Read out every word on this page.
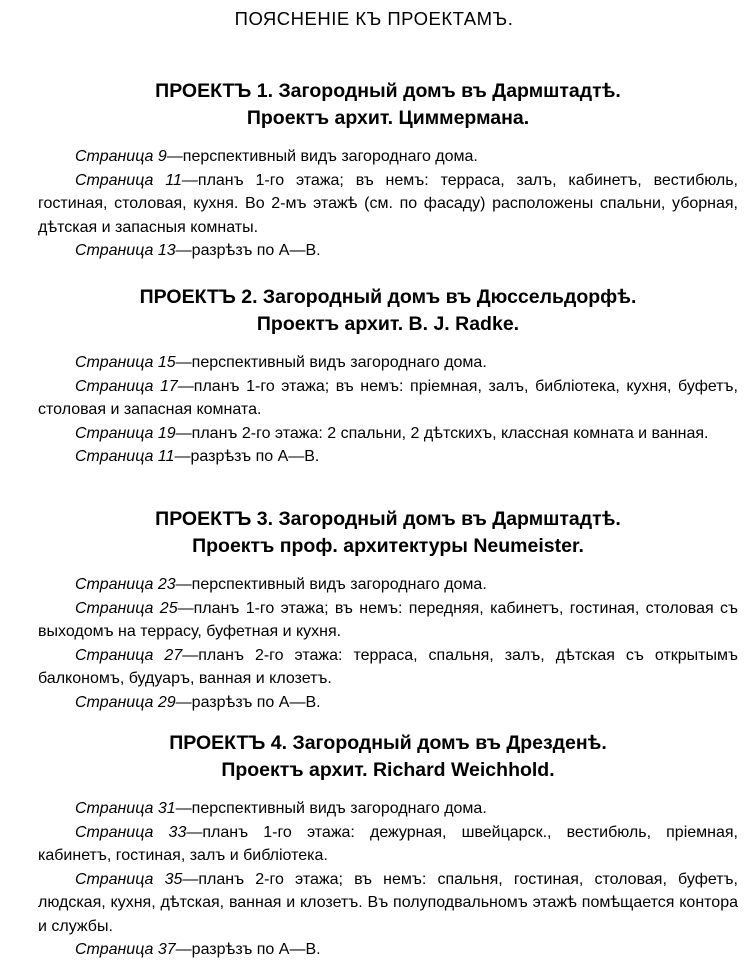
ПОЯСНЕНІЕ КЪ ПРОЕКТАМЪ.

ПРОЕКТЪ 1. Загородный домъ въ Дармштадтѣ.

Проектъ архит. Циммермана.

Страница 9—перспективный видъ загороднаго дома.

Страница 11—планъ 1-го этажа; въ немъ: терраса, залъ, кабинетъ, вестибюль, гостиная, столовая, кухня. Во 2-мъ этажѣ (см. по фасаду) расположены спальни, уборная, дѣтская и запасныя комнаты.

Страница 13—разрѣзъ по А—В.

ПРОЕКТЪ 2. Загородный домъ въ Дюссельдорфѣ.

Проектъ архит. B. J. Radke.

Страница 15—перспективный видъ загороднаго дома.

Страница 17—планъ 1-го этажа; въ немъ: пріемная, залъ, библіотека, кухня, буфетъ, столовая и запасная комната.

Страница 19—планъ 2-го этажа: 2 спальни, 2 дѣтскихъ, классная комната и ванная.

Страница 11—разрѣзъ по А—В.

ПРОЕКТЪ 3. Загородный домъ въ Дармштадтѣ.

Проектъ проф. архитектуры Neumeister.

Страница 23—перспективный видъ загороднаго дома.

Страница 25—планъ 1-го этажа; въ немъ: передняя, кабинетъ, гостиная, столовая съ выходомъ на террасу, буфетная и кухня.

Страница 27—планъ 2-го этажа: терраса, спальня, залъ, дѣтская съ открытымъ балкономъ, будуаръ, ванная и клозетъ.

Страница 29—разрѣзъ по А—В.

ПРОЕКТЪ 4. Загородный домъ въ Дрезденѣ.

Проектъ архит. Richard Weichhold.

Страница 31—перспективный видъ загороднаго дома.

Страница 33—планъ 1-го этажа: дежурная, швейцарск., вестибюль, пріемная, кабинетъ, гостиная, залъ и библіотека.

Страница 35—планъ 2-го этажа; въ немъ: спальня, гостиная, столовая, буфетъ, людская, кухня, дѣтская, ванная и клозетъ. Въ полуподвальномъ этажѣ помѣщается контора и службы.

Страница 37—разрѣзъ по А—В.
